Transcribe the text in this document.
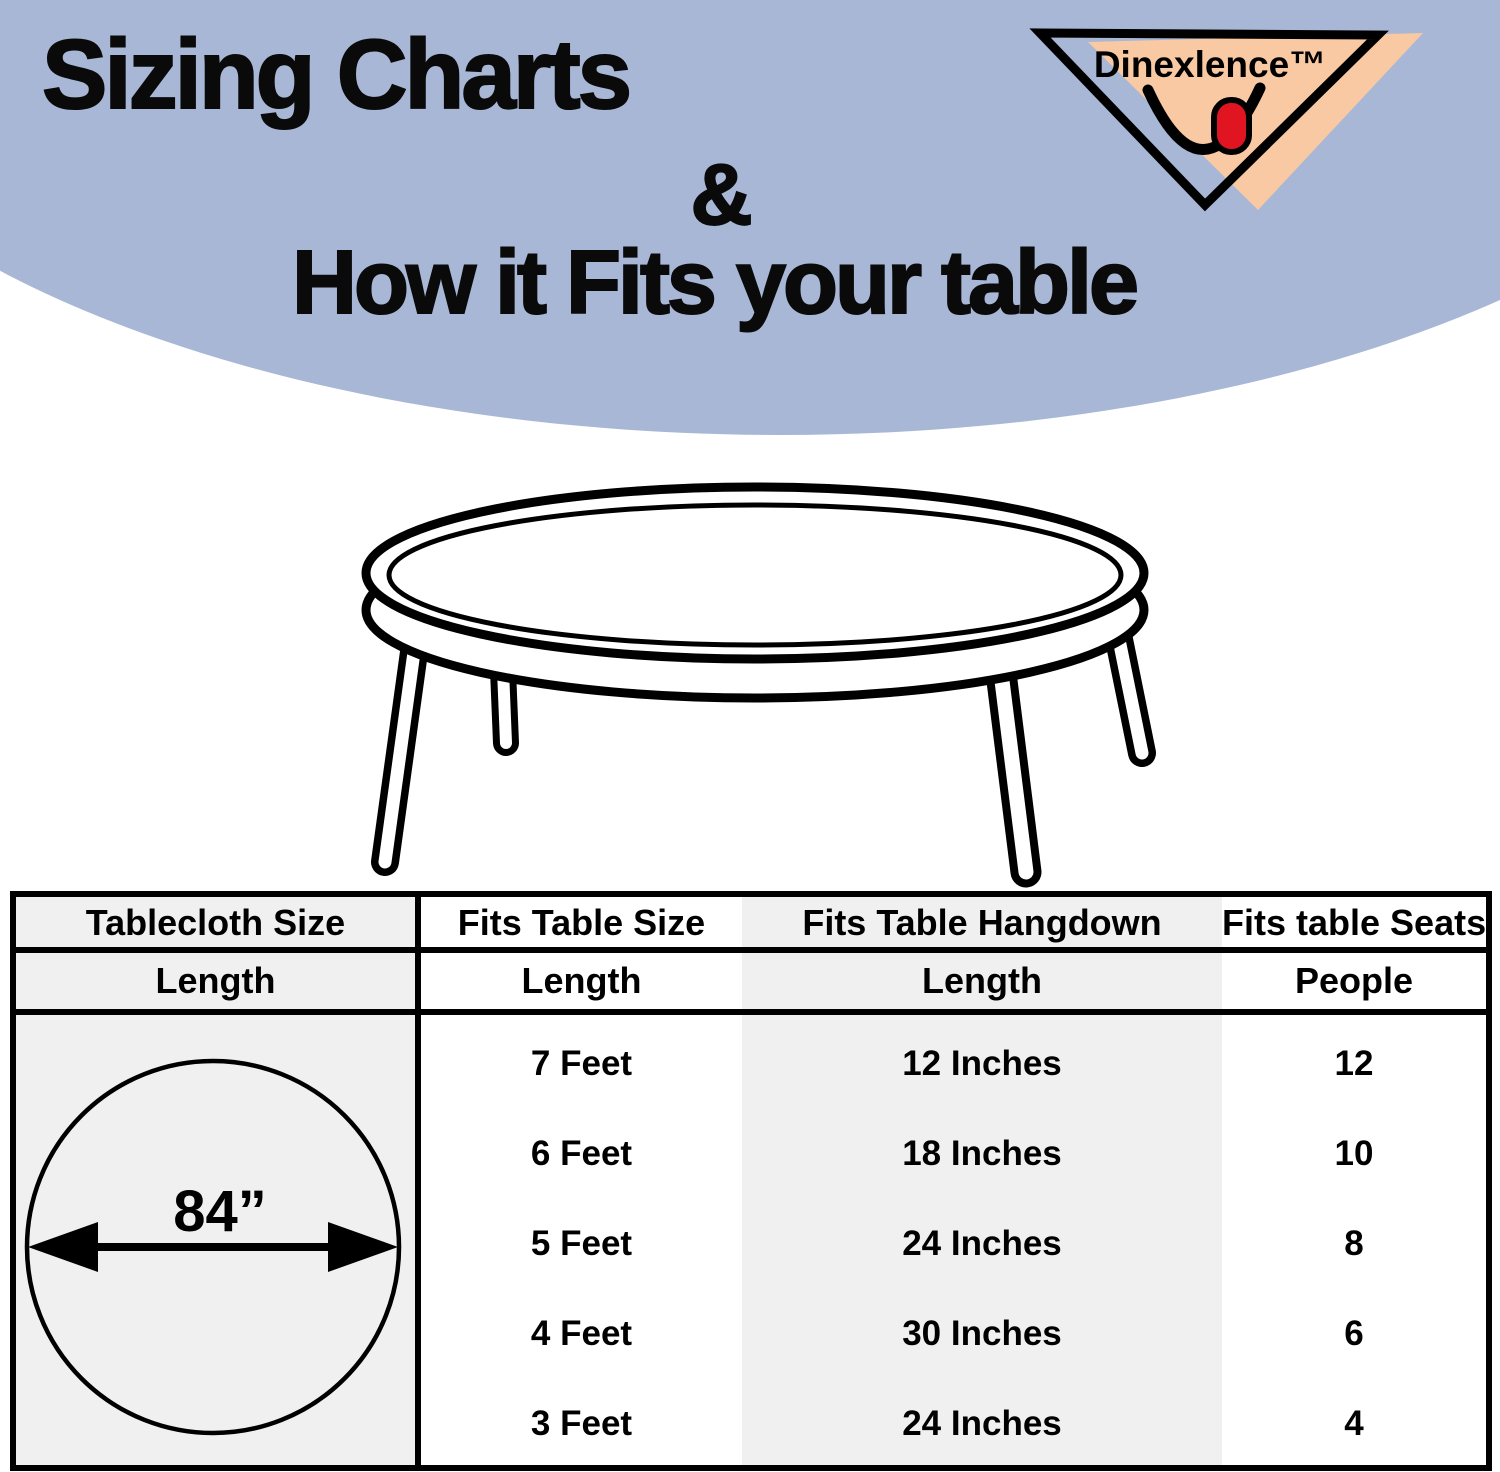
Sizing Charts
&
How it Fits your table
Dinexlence™
Tablecloth Size	Fits Table Size	Fits Table Hangdown	Fits table Seats
Length	Length	Length	People
84”
7 Feet	12 Inches	12
6 Feet	18 Inches	10
5 Feet	24 Inches	8
4 Feet	30 Inches	6
3 Feet	24 Inches	4
